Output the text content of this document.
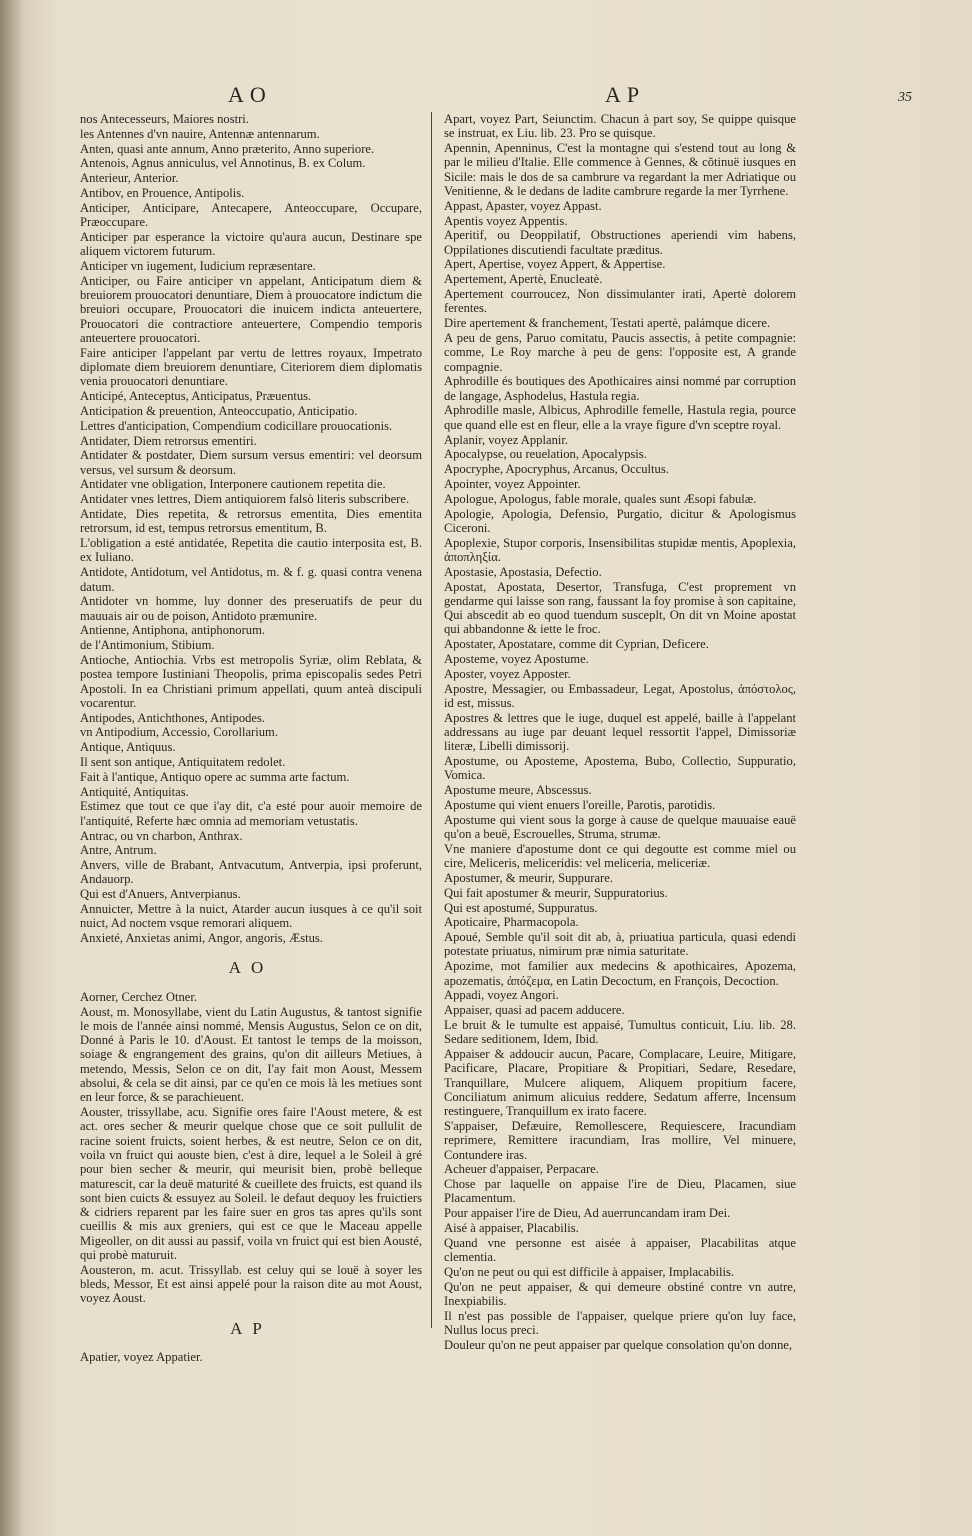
AO	AP	35
nos Antecesseurs, Maiores nostri.
les Antennes d'vn nauire, Antennæ antennarum.
Anten, quasi ante annum, Anno præterito, Anno superiore.
Antenois, Agnus anniculus, vel Annotinus, B. ex Colum.
Anterieur, Anterior.
Antibov, en Prouence, Antipolis.
Anticiper, Anticipare, Antecapere, Anteoccupare, Occupare, Præoccupare.
Anticiper par esperance la victoire qu'aura aucun, Destinare spe aliquem victorem futurum.
Anticiper vn iugement, Iudicium repræsentare.
Anticiper, ou Faire anticiper vn appelant, Anticipatum diem & breuiorem prouocatori denuntiare, Diem à prouocatore indictum die breuiori occupare, Prouocatori die inuicem indicta anteuertere, Prouocatori die contractiore anteuertere, Compendio temporis anteuertere prouocatori.
Faire anticiper l'appelant par vertu de lettres royaux, Impetrato diplomate diem breuiorem denuntiare, Citeriorem diem diplomatis venia prouocatori denuntiare.
Anticipé, Anteceptus, Anticipatus, Præuentus.
Anticipation & preuention, Anteoccupatio, Anticipatio.
Lettres d'anticipation, Compendium codicillare prouocationis.
Antidater, Diem retrorsus ementiri.
Antidater & postdater, Diem sursum versus ementiri: vel deorsum versus, vel sursum & deorsum.
Antidater vne obligation, Interponere cautionem repetita die.
Antidater vnes lettres, Diem antiquiorem falsò literis subscribere.
Antidate, Dies repetita, & retrorsus ementita, Dies ementita retrorsum, id est, tempus retrorsus ementitum, B.
L'obligation a esté antidatée, Repetita die cautio interposita est, B. ex Iuliano.
Antidote, Antidotum, vel Antidotus, m. & f. g. quasi contra venena datum.
Antidoter vn homme, luy donner des preseruatifs de peur du mauuais air ou de poison, Antidoto præmunire.
Antienne, Antiphona, antiphonorum.
de l'Antimonium, Stibium.
Antioche, Antiochia. Vrbs est metropolis Syriæ, olim Reblata, & postea tempore Iustiniani Theopolis, prima episcopalis sedes Petri Apostoli. In ea Christiani primum appellati, quum anteà discipuli vocarentur.
Antipodes, Antichthones, Antipodes.
vn Antipodium, Accessio, Corollarium.
Antique, Antiquus.
Il sent son antique, Antiquitatem redolet.
Fait à l'antique, Antiquo opere ac summa arte factum.
Antiquité, Antiquitas.
Estimez que tout ce que i'ay dit, c'a esté pour auoir memoire de l'antiquité, Referte hæc omnia ad memoriam vetustatis.
Antrac, ou vn charbon, Anthrax.
Antre, Antrum.
Anvers, ville de Brabant, Antvacutum, Antverpia, ipsi proferunt, Andauorp.
Qui est d'Anuers, Antverpianus.
Annuicter, Mettre à la nuict, Atarder aucun iusques à ce qu'il soit nuict, Ad noctem vsque remorari aliquem.
Anxieté, Anxietas animi, Angor, angoris, Æstus.
AO
Aorner, Cerchez Otner.
Aoust, m. Monosyllabe, vient du Latin Augustus, & tantost signifie le mois de l'année ainsi nommé, Mensis Augustus, Selon ce on dit, Donné à Paris le 10. d'Aoust. Et tantost le temps de la moisson, soiage & engrangement des grains, qu'on dit ailleurs Metiues, à metendo, Messis, Selon ce on dit, I'ay fait mon Aoust, Messem absolui, & cela se dit ainsi, par ce qu'en ce mois là les metiues sont en leur force, & se parachieuent.
Aouster, trissyllabe, acu. Signifie ores faire l'Aoust metere, & est act. ores secher & meurir quelque chose que ce soit pullulit de racine soient fruicts, soient herbes, & est neutre, Selon ce on dit, voila vn fruict qui aouste bien, c'est à dire, lequel a le Soleil à gré pour bien secher & meurir, qui meurisit bien, probè belleque maturescit, car la deuë maturité & cueillete des fruicts, est quand ils sont bien cuicts & essuyez au Soleil. le defaut dequoy les fruictiers & cidriers reparent par les faire suer en gros tas apres qu'ils sont cueillis & mis aux greniers, qui est ce que le Maceau appelle Migeoller, on dit aussi au passif, voila vn fruict qui est bien Aousté, qui probè maturuit.
Aousteron, m. acut. Trissyllab. est celuy qui se louë à soyer les bleds, Messor, Et est ainsi appelé pour la raison dite au mot Aoust, voyez Aoust.
AP
Apatier, voyez Appatier.
Apart, voyez Part, Seiunctim. Chacun à part soy, Se quippe quisque se instruat, ex Liu. lib. 23. Pro se quisque.
Apennin, Apenninus, C'est la montagne qui s'estend tout au long & par le milieu d'Italie. Elle commence à Gennes, & cõtinuë iusques en Sicile: mais le dos de sa cambrure va regardant la mer Adriatique ou Venitienne, & le dedans de ladite cambrure regarde la mer Tyrrhene.
Appast, Apaster, voyez Appast.
Apentis voyez Appentis.
Aperitif, ou Deoppilatif, Obstructiones aperiendi vim habens, Oppilationes discutiendi facultate præditus.
Apert, Apertise, voyez Appert, & Appertise.
Apertement, Apertè, Enucleatè.
Apertement courroucez, Non dissimulanter irati, Apertè dolorem ferentes.
Dire apertement & franchement, Testati apertè, palámque dicere.
A peu de gens, Paruo comitatu, Paucis assectis, à petite compagnie: comme, Le Roy marche à peu de gens: l'opposite est, A grande compagnie.
Aphrodille és boutiques des Apothicaires ainsi nommé par corruption de langage, Asphodelus, Hastula regia.
Aphrodille masle, Albicus, Aphrodille femelle, Hastula regia, pource que quand elle est en fleur, elle a la vraye figure d'vn sceptre royal.
Aplanir, voyez Applanir.
Apocalypse, ou reuelation, Apocalypsis.
Apocryphe, Apocryphus, Arcanus, Occultus.
Apointer, voyez Appointer.
Apologue, Apologus, fable morale, quales sunt Æsopi fabulæ.
Apologie, Apologia, Defensio, Purgatio, dicitur & Apologismus Ciceroni.
Apoplexie, Stupor corporis, Insensibilitas stupidæ mentis, Apoplexia, ἀποπληξία.
Apostasie, Apostasia, Defectio.
Apostat, Apostata, Desertor, Transfuga, C'est proprement vn gendarme qui laisse son rang, faussant la foy promise à son capitaine, Qui abscedit ab eo quod tuendum susceplt, On dit vn Moine apostat qui abbandonne & iette le froc.
Apostater, Apostatare, comme dit Cyprian, Deficere.
Aposteme, voyez Apostume.
Aposter, voyez Apposter.
Apostre, Messagier, ou Embassadeur, Legat, Apostolus, ἀπόστολος, id est, missus.
Apostres & lettres que le iuge, duquel est appelé, baille à l'appelant addressans au iuge par deuant lequel ressortit l'appel, Dimissoriæ literæ, Libelli dimissorij.
Apostume, ou Aposteme, Apostema, Bubo, Collectio, Suppuratio, Vomica.
Apostume meure, Abscessus.
Apostume qui vient enuers l'oreille, Parotis, parotidis.
Apostume qui vient sous la gorge à cause de quelque mauuaise eauë qu'on a beuë, Escrouelles, Struma, strumæ.
Vne maniere d'apostume dont ce qui degoutte est comme miel ou cire, Meliceris, meliceridis: vel meliceria, meliceriæ.
Apostumer, & meurir, Suppurare.
Qui fait apostumer & meurir, Suppuratorius.
Qui est apostumé, Suppuratus.
Apoticaire, Pharmacopola.
Apoué, Semble qu'il soit dit ab, à, priuatiua particula, quasi edendi potestate priuatus, nimirum præ nimia saturitate.
Apozime, mot familier aux medecins & apothicaires, Apozema, apozematis, ἀπόζεμα, en Latin Decoctum, en François, Decoction.
Appadi, voyez Angori.
Appaiser, quasi ad pacem adducere.
Le bruit & le tumulte est appaisé, Tumultus conticuit, Liu. lib. 28. Sedare seditionem, Idem, Ibid.
Appaiser & addoucir aucun, Pacare, Complacare, Leuire, Mitigare, Pacificare, Placare, Propitiare & Propitiari, Sedare, Resedare, Tranquillare, Mulcere aliquem, Aliquem propitium facere, Conciliatum animum alicuius reddere, Sedatum afferre, Incensum restinguere, Tranquillum ex irato facere.
S'appaiser, Defæuire, Remollescere, Requiescere, Iracundiam reprimere, Remittere iracundiam, Iras mollire, Vel minuere, Contundere iras.
Acheuer d'appaiser, Perpacare.
Chose par laquelle on appaise l'ire de Dieu, Placamen, siue Placamentum.
Pour appaiser l'ire de Dieu, Ad auerruncandam iram Dei.
Aisé à appaiser, Placabilis.
Quand vne personne est aisée à appaiser, Placabilitas atque clementia.
Qu'on ne peut ou qui est difficile à appaiser, Implacabilis.
Qu'on ne peut appaiser, & qui demeure obstiné contre vn autre, Inexpiabilis.
Il n'est pas possible de l'appaiser, quelque priere qu'on luy face, Nullus locus preci.
Douleur qu'on ne peut appaiser par quelque consolation qu'on donne,
